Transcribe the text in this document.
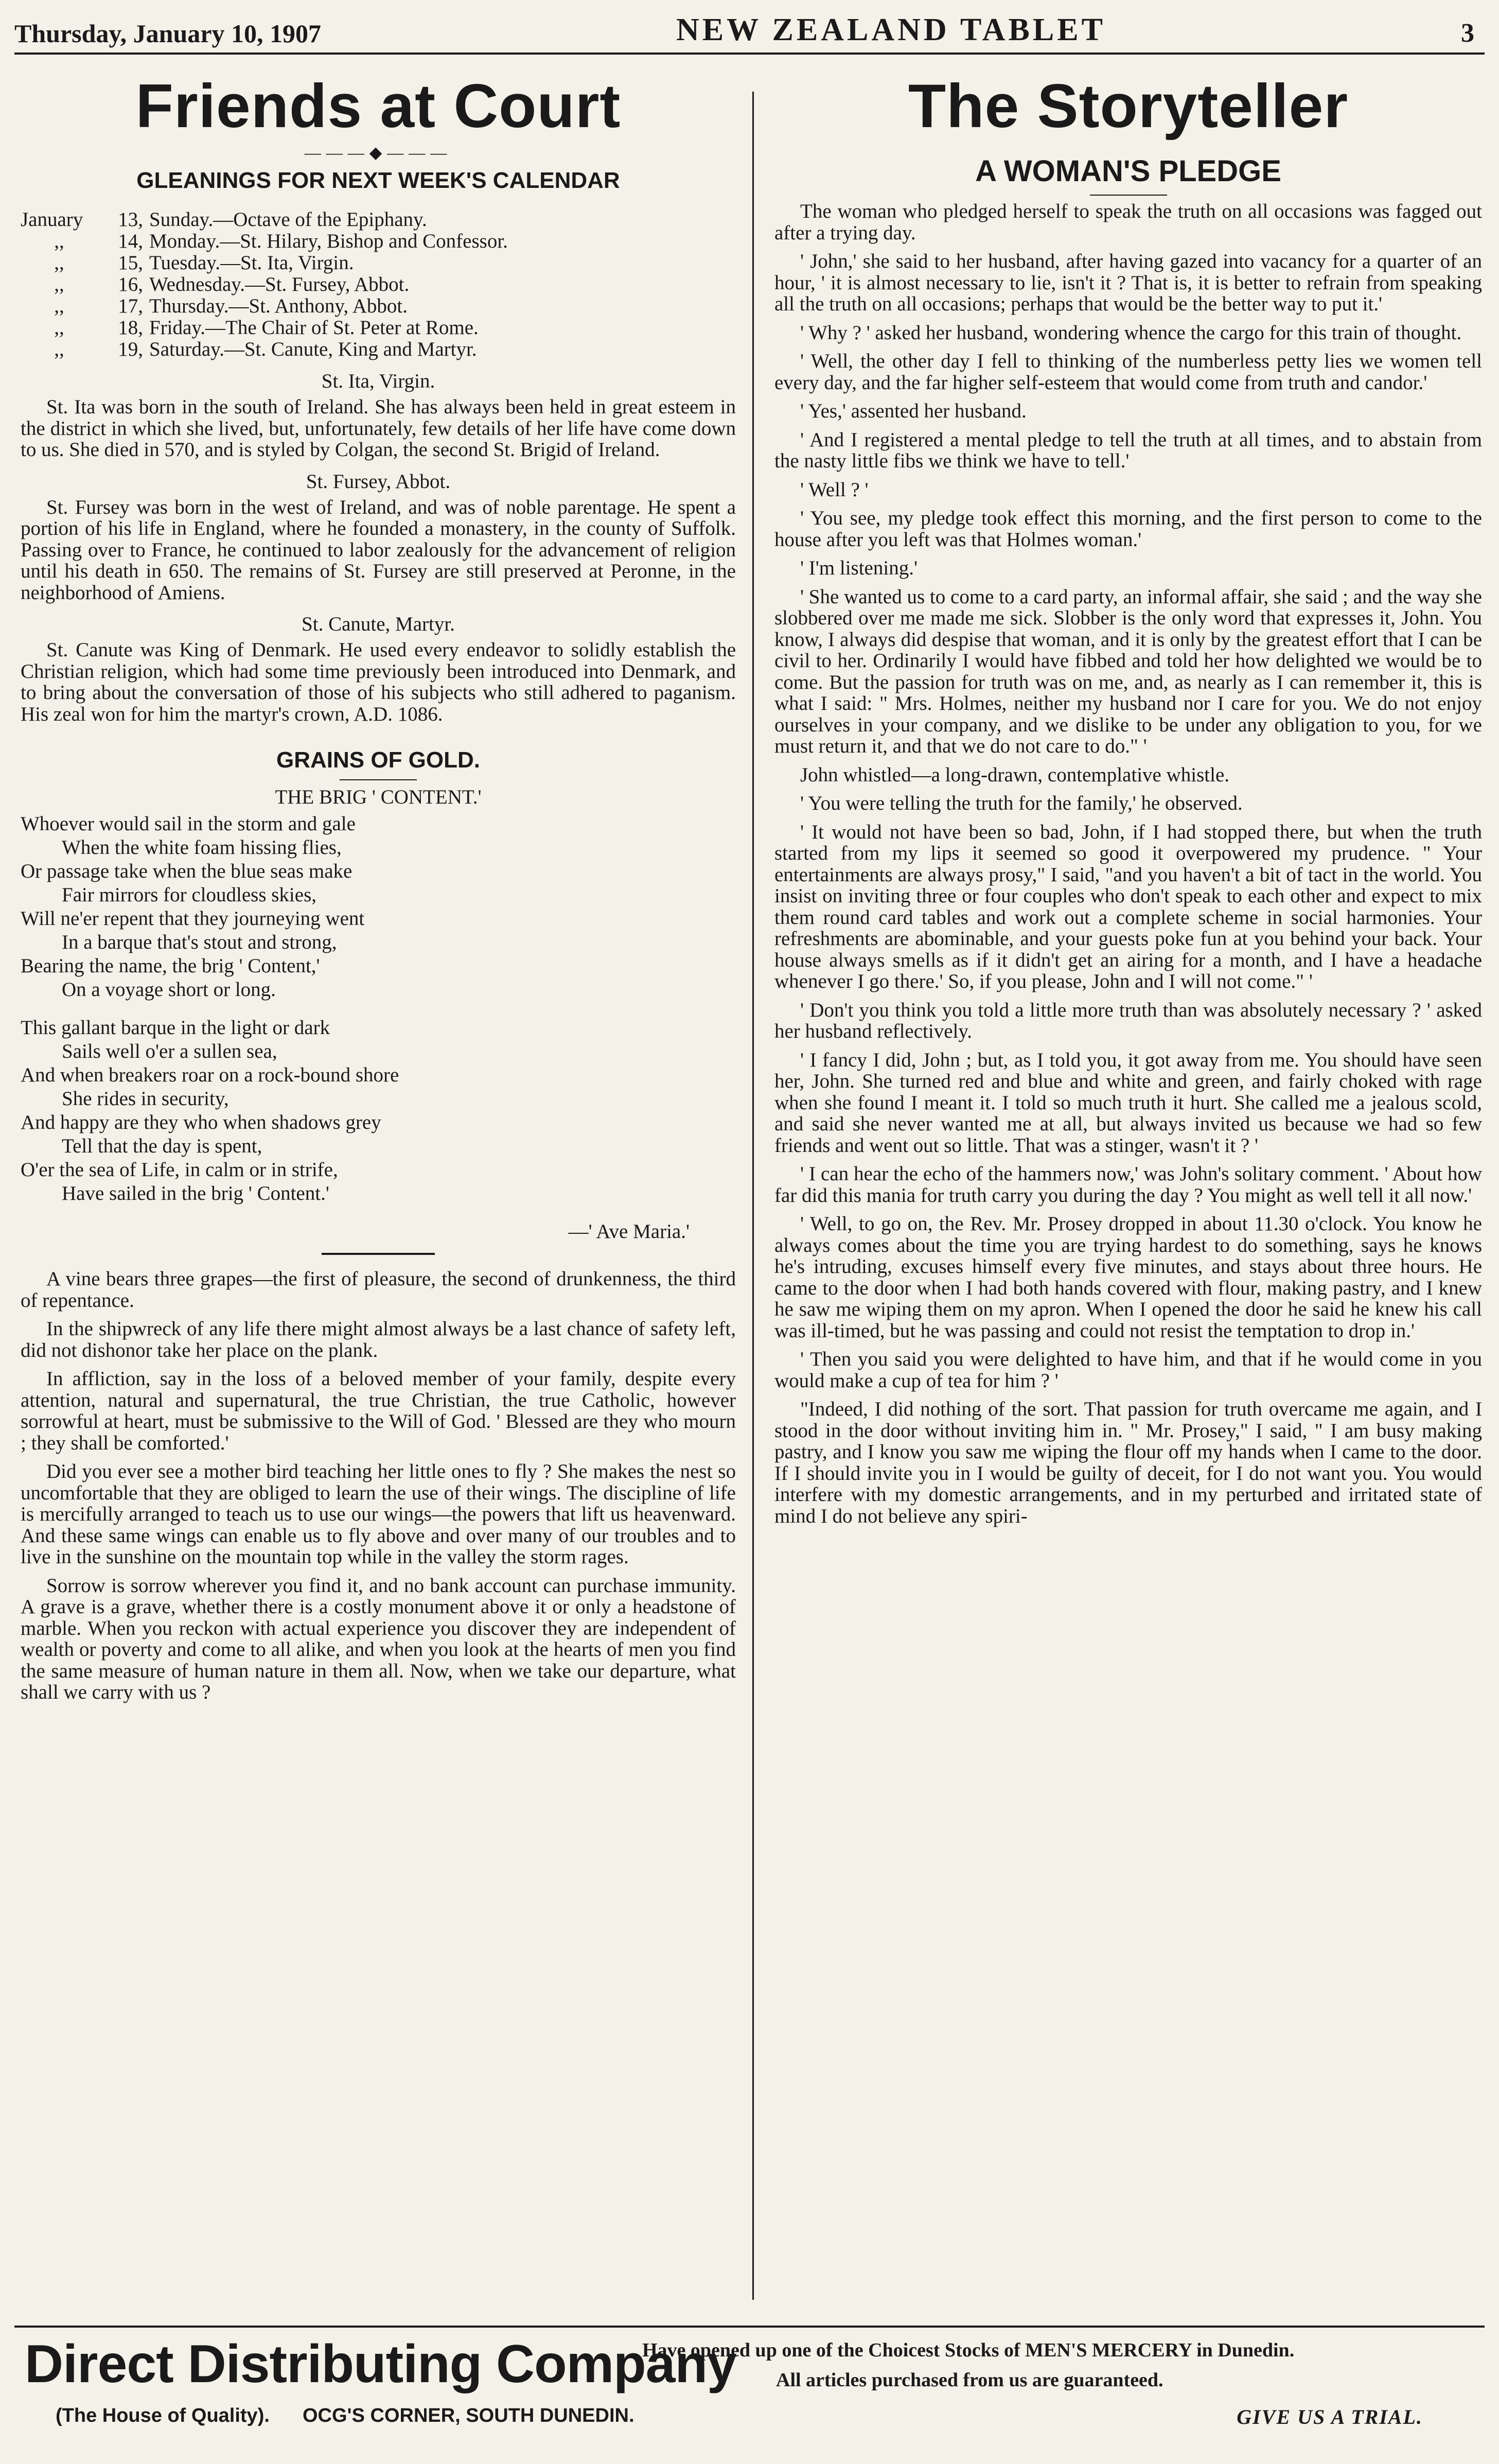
Thursday, January 10, 1907	NEW ZEALAND TABLET	3
Friends at Court
———◆———
GLEANINGS FOR NEXT WEEK'S CALENDAR
January	13, Sunday.—Octave of the Epiphany.
,,	14, Monday.—St. Hilary, Bishop and Confessor.
,,	15, Tuesday.—St. Ita, Virgin.
,,	16, Wednesday.—St. Fursey, Abbot.
,,	17, Thursday.—St. Anthony, Abbot.
,,	18, Friday.—The Chair of St. Peter at Rome.
,,	19, Saturday.—St. Canute, King and Martyr.
St. Ita, Virgin.

St. Ita was born in the south of Ireland. She has always been held in great esteem in the district in which she lived, but, unfortunately, few details of her life have come down to us. She died in 570, and is styled by Colgan, the second St. Brigid of Ireland.

St. Fursey, Abbot.

St. Fursey was born in the west of Ireland, and was of noble parentage. He spent a portion of his life in England, where he founded a monastery, in the county of Suffolk. Passing over to France, he continued to labor zealously for the advancement of religion until his death in 650. The remains of St. Fursey are still preserved at Peronne, in the neighborhood of Amiens.

St. Canute, Martyr.

St. Canute was King of Denmark. He used every endeavor to solidly establish the Christian religion, which had some time previously been introduced into Denmark, and to bring about the conversation of those of his subjects who still adhered to paganism. His zeal won for him the martyr's crown, A.D. 1086.

GRAINS OF GOLD.
THE BRIG ' CONTENT.'
Whoever would sail in the storm and gale
When the white foam hissing flies,
Or passage take when the blue seas make
Fair mirrors for cloudless skies,
Will ne'er repent that they journeying went
In a barque that's stout and strong,
Bearing the name, the brig ' Content,'
On a voyage short or long.
This gallant barque in the light or dark
Sails well o'er a sullen sea,
And when breakers roar on a rock-bound shore
She rides in security,
And happy are they who when shadows grey
Tell that the day is spent,
O'er the sea of Life, in calm or in strife,
Have sailed in the brig ' Content.'
—' Ave Maria.'

A vine bears three grapes—the first of pleasure, the second of drunkenness, the third of repentance.

In the shipwreck of any life there might almost always be a last chance of safety left, did not dishonor take her place on the plank.

In affliction, say in the loss of a beloved member of your family, despite every attention, natural and supernatural, the true Christian, the true Catholic, however sorrowful at heart, must be submissive to the Will of God. ' Blessed are they who mourn ; they shall be comforted.'

Did you ever see a mother bird teaching her little ones to fly ? She makes the nest so uncomfortable that they are obliged to learn the use of their wings. The discipline of life is mercifully arranged to teach us to use our wings—the powers that lift us heavenward. And these same wings can enable us to fly above and over many of our troubles and to live in the sunshine on the mountain top while in the valley the storm rages.

Sorrow is sorrow wherever you find it, and no bank account can purchase immunity. A grave is a grave, whether there is a costly monument above it or only a headstone of marble. When you reckon with actual experience you discover they are independent of wealth or poverty and come to all alike, and when you look at the hearts of men you find the same measure of human nature in them all. Now, when we take our departure, what shall we carry with us ?

The Storyteller
A WOMAN'S PLEDGE

The woman who pledged herself to speak the truth on all occasions was fagged out after a trying day.

' John,' she said to her husband, after having gazed into vacancy for a quarter of an hour, ' it is almost necessary to lie, isn't it ? That is, it is better to refrain from speaking all the truth on all occasions; perhaps that would be the better way to put it.'

' Why ? ' asked her husband, wondering whence the cargo for this train of thought.

' Well, the other day I fell to thinking of the numberless petty lies we women tell every day, and the far higher self-esteem that would come from truth and candor.'

' Yes,' assented her husband.

' And I registered a mental pledge to tell the truth at all times, and to abstain from the nasty little fibs we think we have to tell.'

' Well ? '

' You see, my pledge took effect this morning, and the first person to come to the house after you left was that Holmes woman.'

' I'm listening.'

' She wanted us to come to a card party, an informal affair, she said ; and the way she slobbered over me made me sick. Slobber is the only word that expresses it, John. You know, I always did despise that woman, and it is only by the greatest effort that I can be civil to her. Ordinarily I would have fibbed and told her how delighted we would be to come. But the passion for truth was on me, and, as nearly as I can remember it, this is what I said: " Mrs. Holmes, neither my husband nor I care for you. We do not enjoy ourselves in your company, and we dislike to be under any obligation to you, for we must return it, and that we do not care to do." '

John whistled—a long-drawn, contemplative whistle.

' You were telling the truth for the family,' he observed.

' It would not have been so bad, John, if I had stopped there, but when the truth started from my lips it seemed so good it overpowered my prudence. " Your entertainments are always prosy," I said, "and you haven't a bit of tact in the world. You insist on inviting three or four couples who don't speak to each other and expect to mix them round card tables and work out a complete scheme in social harmonies. Your refreshments are abominable, and your guests poke fun at you behind your back. Your house always smells as if it didn't get an airing for a month, and I have a headache whenever I go there.' So, if you please, John and I will not come." '

' Don't you think you told a little more truth than was absolutely necessary ? ' asked her husband reflectively.

' I fancy I did, John ; but, as I told you, it got away from me. You should have seen her, John. She turned red and blue and white and green, and fairly choked with rage when she found I meant it. I told so much truth it hurt. She called me a jealous scold, and said she never wanted me at all, but always invited us because we had so few friends and went out so little. That was a stinger, wasn't it ? '

' I can hear the echo of the hammers now,' was John's solitary comment. ' About how far did this mania for truth carry you during the day ? You might as well tell it all now.'

' Well, to go on, the Rev. Mr. Prosey dropped in about 11.30 o'clock. You know he always comes about the time you are trying hardest to do something, says he knows he's intruding, excuses himself every five minutes, and stays about three hours. He came to the door when I had both hands covered with flour, making pastry, and I knew he saw me wiping them on my apron. When I opened the door he said he knew his call was ill-timed, but he was passing and could not resist the temptation to drop in.'

' Then you said you were delighted to have him, and that if he would come in you would make a cup of tea for him ? '

"Indeed, I did nothing of the sort. That passion for truth overcame me again, and I stood in the door without inviting him in. " Mr. Prosey," I said, " I am busy making pastry, and I know you saw me wiping the flour off my hands when I came to the door. If I should invite you in I would be guilty of deceit, for I do not want you. You would interfere with my domestic arrangements, and in my perturbed and irritated state of mind I do not believe any spiri-

Direct Distributing Company
(The House of Quality). OCG'S CORNER, SOUTH DUNEDIN.
Have opened up one of the Choicest Stocks of MEN'S MERCERY in Dunedin.
All articles purchased from us are guaranteed.
GIVE US A TRIAL.
